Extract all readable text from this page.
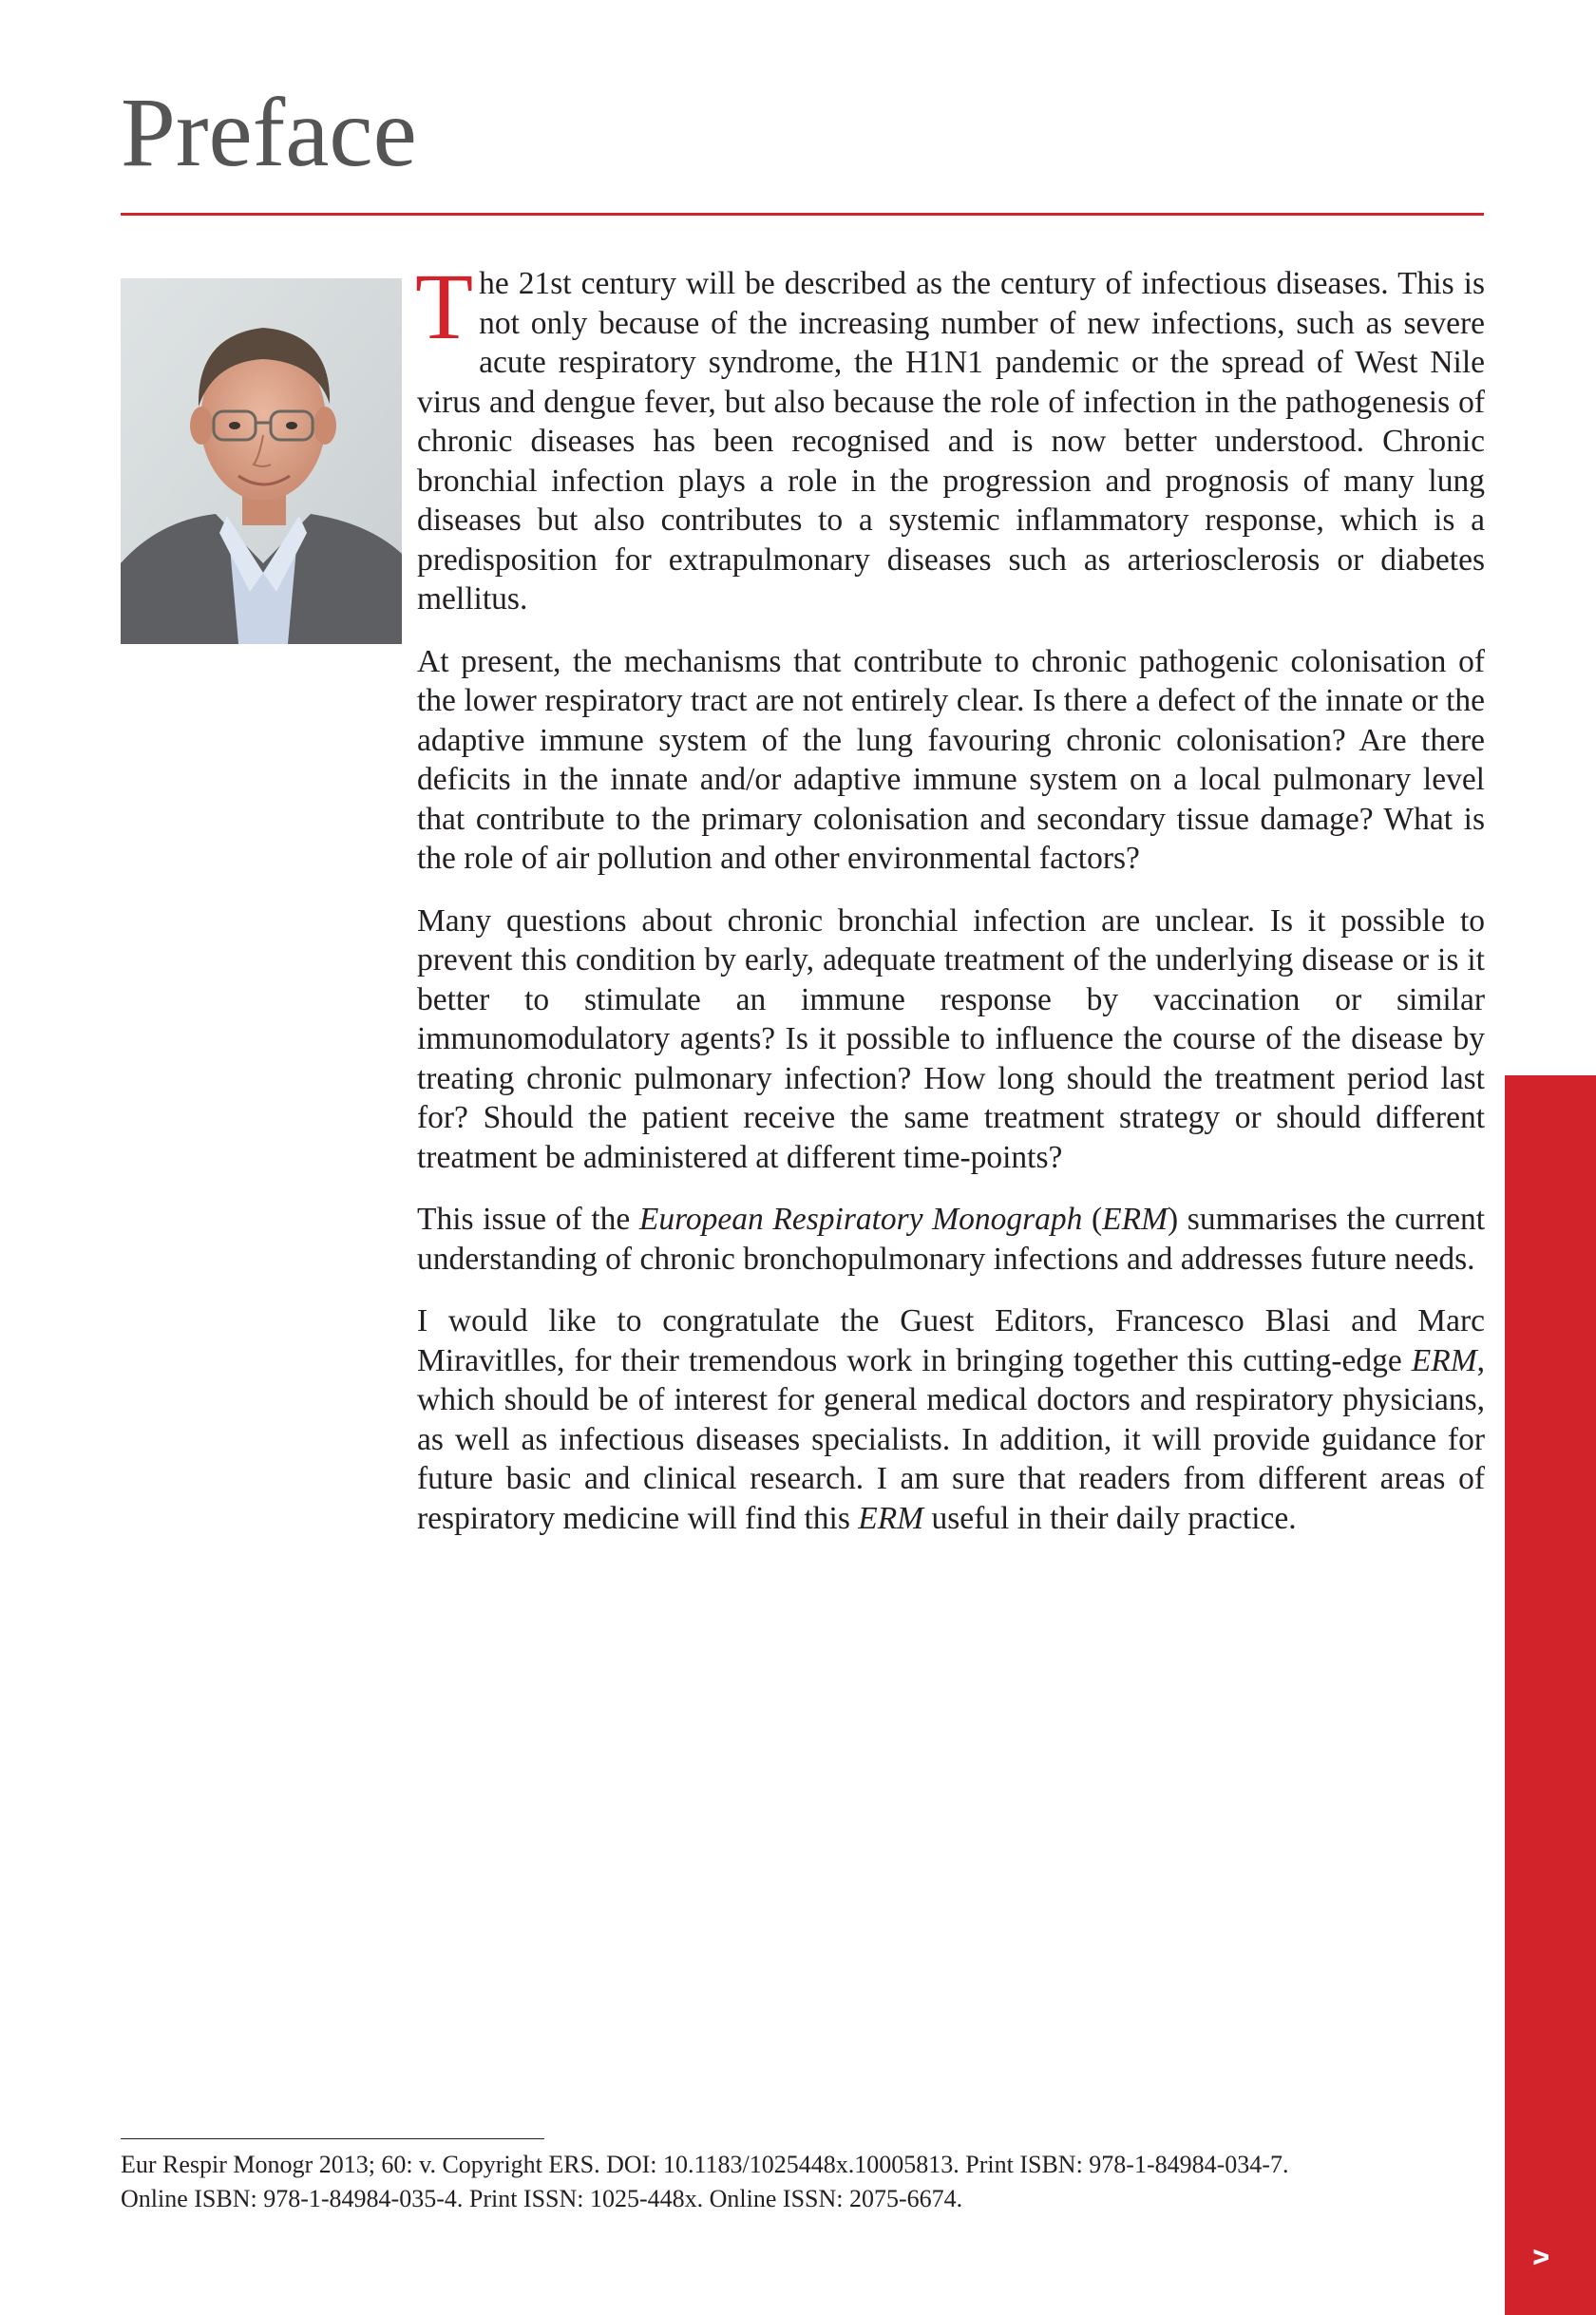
Preface

The 21st century will be described as the century of infectious diseases. This is not only because of the increasing number of new infections, such as severe acute respiratory syndrome, the H1N1 pandemic or the spread of West Nile virus and dengue fever, but also because the role of infection in the pathogenesis of chronic diseases has been recognised and is now better understood. Chronic bronchial infection plays a role in the progression and prognosis of many lung diseases but also contributes to a systemic inflammatory response, which is a predisposition for extrapulmonary diseases such as arteriosclerosis or diabetes mellitus.

At present, the mechanisms that contribute to chronic pathogenic colonisation of the lower respiratory tract are not entirely clear. Is there a defect of the innate or the adaptive immune system of the lung favouring chronic colonisation? Are there deficits in the innate and/or adaptive immune system on a local pulmonary level that contribute to the primary colonisation and secondary tissue damage? What is the role of air pollution and other environmental factors?

Many questions about chronic bronchial infection are unclear. Is it possible to prevent this condition by early, adequate treatment of the underlying disease or is it better to stimulate an immune response by vaccination or similar immunomodulatory agents? Is it possible to influence the course of the disease by treating chronic pulmonary infection? How long should the treatment period last for? Should the patient receive the same treatment strategy or should different treatment be administered at different time-points?

This issue of the European Respiratory Monograph (ERM) summarises the current understanding of chronic bronchopulmonary infections and addresses future needs.

I would like to congratulate the Guest Editors, Francesco Blasi and Marc Miravitlles, for their tremendous work in bringing together this cutting-edge ERM, which should be of interest for general medical doctors and respiratory physicians, as well as infectious diseases specialists. In addition, it will provide guidance for future basic and clinical research. I am sure that readers from different areas of respiratory medicine will find this ERM useful in their daily practice.

Eur Respir Monogr 2013; 60: v. Copyright ERS. DOI: 10.1183/1025448x.10005813. Print ISBN: 978-1-84984-034-7.
Online ISBN: 978-1-84984-035-4. Print ISSN: 1025-448x. Online ISSN: 2075-6674.
v
